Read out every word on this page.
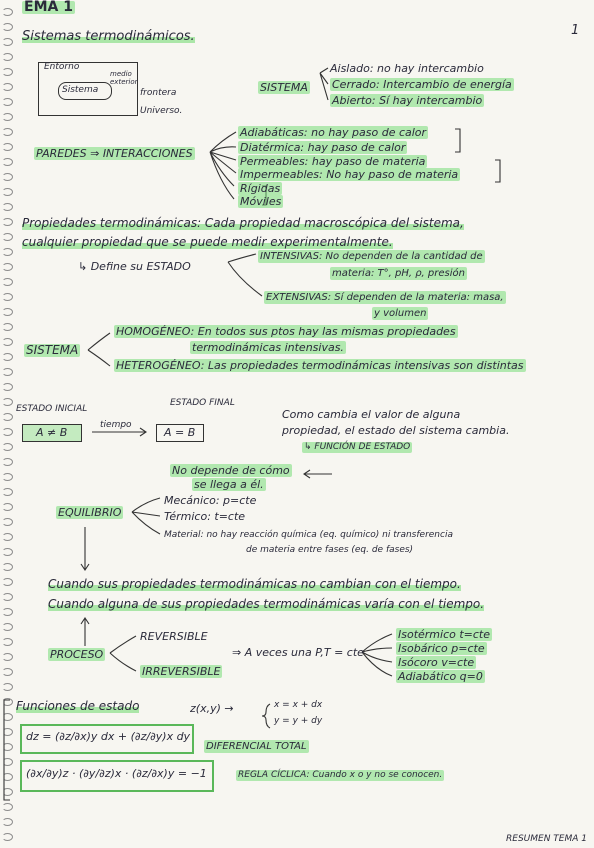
EMA 1
1
Sistemas termodinámicos.
Entorno
Sistema
medio exterior
frontera
Universo.
SISTEMA
Aislado: no hay intercambio
Cerrado: Intercambio de energía
Abierto: Sí hay intercambio
PAREDES ⇒ INTERACCIONES
Adiabáticas: no hay paso de calor
Diatérmica: hay paso de calor
Permeables: hay paso de materia
Impermeables: No hay paso de materia
Rígidas
Móviles
Propiedades termodinámicas: Cada propiedad macroscópica del sistema,
cualquier propiedad que se puede medir experimentalmente.
↳ Define su ESTADO
INTENSIVAS: No dependen de la cantidad de
materia: T°, pH, ρ, presión
EXTENSIVAS: Sí dependen de la materia: masa,
y volumen
SISTEMA
HOMOGÉNEO: En todos sus ptos hay las mismas propiedades
termodinámicas intensivas.
HETEROGÉNEO: Las propiedades termodinámicas intensivas son distintas
ESTADO INICIAL
ESTADO FINAL
A ≠ B
tiempo
A = B
Como cambia el valor de alguna
propiedad, el estado del sistema cambia.
↳ FUNCIÓN DE ESTADO
No depende de cómo
se llega a él.
EQUILIBRIO
Mecánico: p=cte
Térmico: t=cte
Material: no hay reacción química (eq. químico) ni transferencia
de materia entre fases (eq. de fases)
Cuando sus propiedades termodinámicas no cambian con el tiempo.
Cuando alguna de sus propiedades termodinámicas varía con el tiempo.
PROCESO
REVERSIBLE
IRREVERSIBLE
⇒ A veces una P,T = cte
Isotérmico t=cte
Isobárico p=cte
Isócoro v=cte
Adiabático q=0
Funciones de estado	z(x,y) →	x = x + dx
y = y + dy
dz = (∂z/∂x)y dx + (∂z/∂y)x dy
DIFERENCIAL TOTAL
(∂x/∂y)z · (∂y/∂z)x · (∂z/∂x)y = −1	REGLA CÍCLICA: Cuando x o y no se conocen.
RESUMEN TEMA 1
